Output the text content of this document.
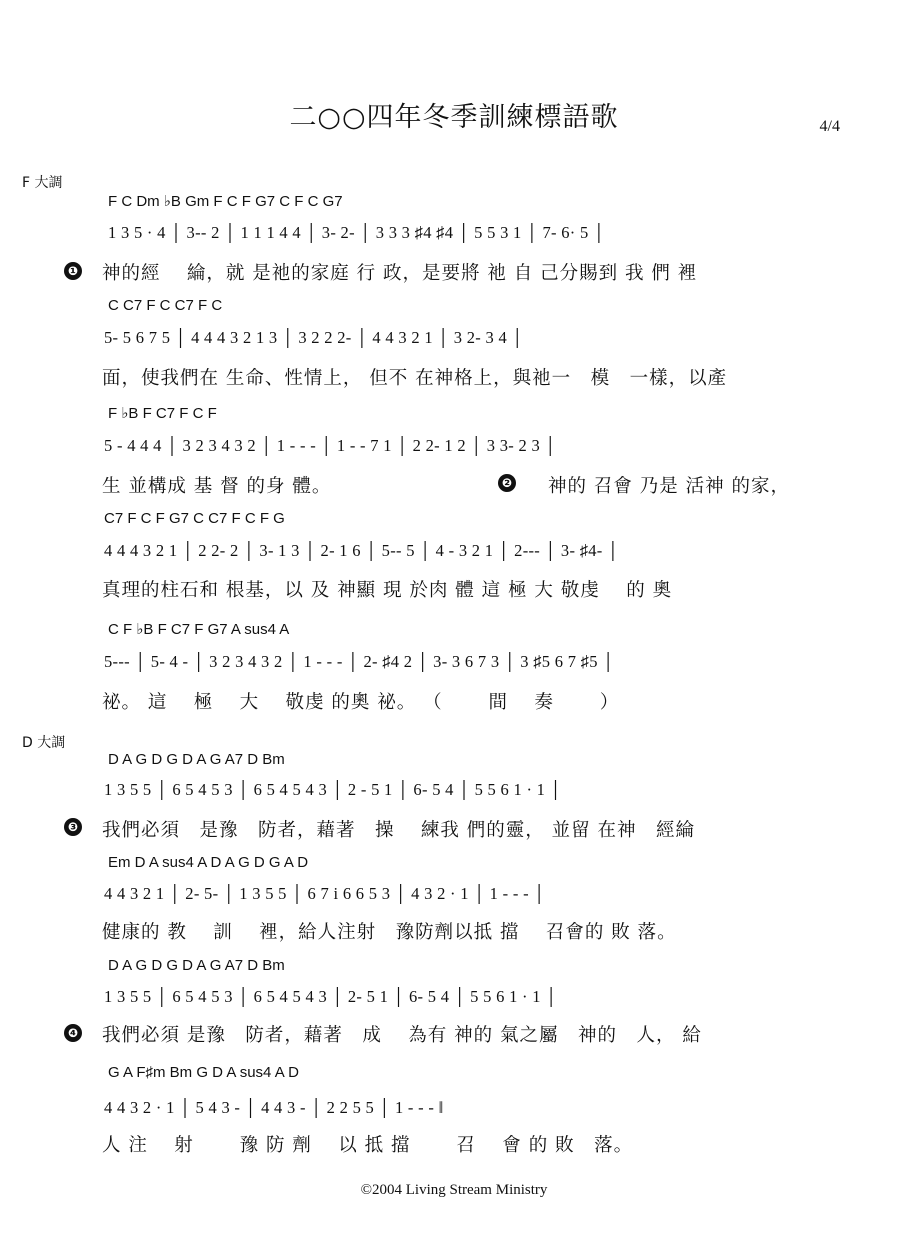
二○○四年冬季訓練標語歌	4/4
F 大調
F C Dm ♭B Gm F C F G7 C F C G7
1 3 5 · 4 │ 3-- 2 │ 1 1 1 4 4 │ 3- 2- │ 3 3 3 ♯4 ♯4 │ 5 5 3 1 │ 7- 6· 5 │
❶ 神的經　 綸，就 是祂的家庭 行 政，是要將 祂 自 己分賜到 我 們 裡
C C7 F C C7 F C
5- 5 6 7 5 │ 4 4 4 3 2 1 3 │ 3 2 2 2- │ 4 4 3 2 1 │ 3 2- 3 4 │
面，使我們在 生命、性情上， 但不 在神格上，與祂一　模　一樣，以產
F ♭B F C7 F C F
5 - 4 4 4 │ 3 2 3 4 3 2 │ 1 - - - │ 1 - - 7 1 │ 2 2- 1 2 │ 3 3- 2 3 │
生 並構成 基 督 的身 體。	❷ 神的 召會 乃是 活神 的家，
C7 F C F G7 C C7 F C F G
4 4 4 3 2 1 │ 2 2- 2 │ 3- 1 3 │ 2- 1 6 │ 5-- 5 │ 4 - 3 2 1 │ 2--- │ 3- ♯4- │
真理的柱石和 根基，以 及 神顯 現 於肉 體 這 極 大 敬虔　 的 奧
C F ♭B F C7 F G7 A sus4 A
5--- │ 5- 4 - │ 3 2 3 4 3 2 │ 1 - - - │ 2- ♯4 2 │ 3- 3 6 7 3 │ 3 ♯5 6 7 ♯5 │
祕。 這　 極　 大　 敬虔 的奧 祕。 （　　 間　 奏　　 ）
D 大調
D A G D G D A G A7 D Bm
1 3 5 5 │ 6 5 4 5 3 │ 6 5 4 5 4 3 │ 2 - 5 1 │ 6- 5 4 │ 5 5 6 1 · 1 │
❸ 我們必須　是豫　防者，藉著　操　 練我 們的靈， 並留 在神　經綸
Em D A sus4 A D A G D G A D
4 4 3 2 1 │ 2- 5- │ 1 3 5 5 │ 6 7 i 6 6 5 3 │ 4 3 2 · 1 │ 1 - - - │
健康的 教　 訓　 裡，給人注射　豫防劑以抵 擋　 召會的 敗 落。
D A G D G D A G A7 D Bm
1 3 5 5 │ 6 5 4 5 3 │ 6 5 4 5 4 3 │ 2- 5 1 │ 6- 5 4 │ 5 5 6 1 · 1 │
❹ 我們必須 是豫　防者，藉著　成　 為有 神的 氣之屬　神的　人， 給
G A F♯m Bm G D A sus4 A D
4 4 3 2 · 1 │ 5 4 3 - │ 4 4 3 - │ 2 2 5 5 │ 1 - - - ‖
人 注　 射　　 豫 防 劑　 以 抵 擋　　 召　 會 的 敗　落。
©2004 Living Stream Ministry
